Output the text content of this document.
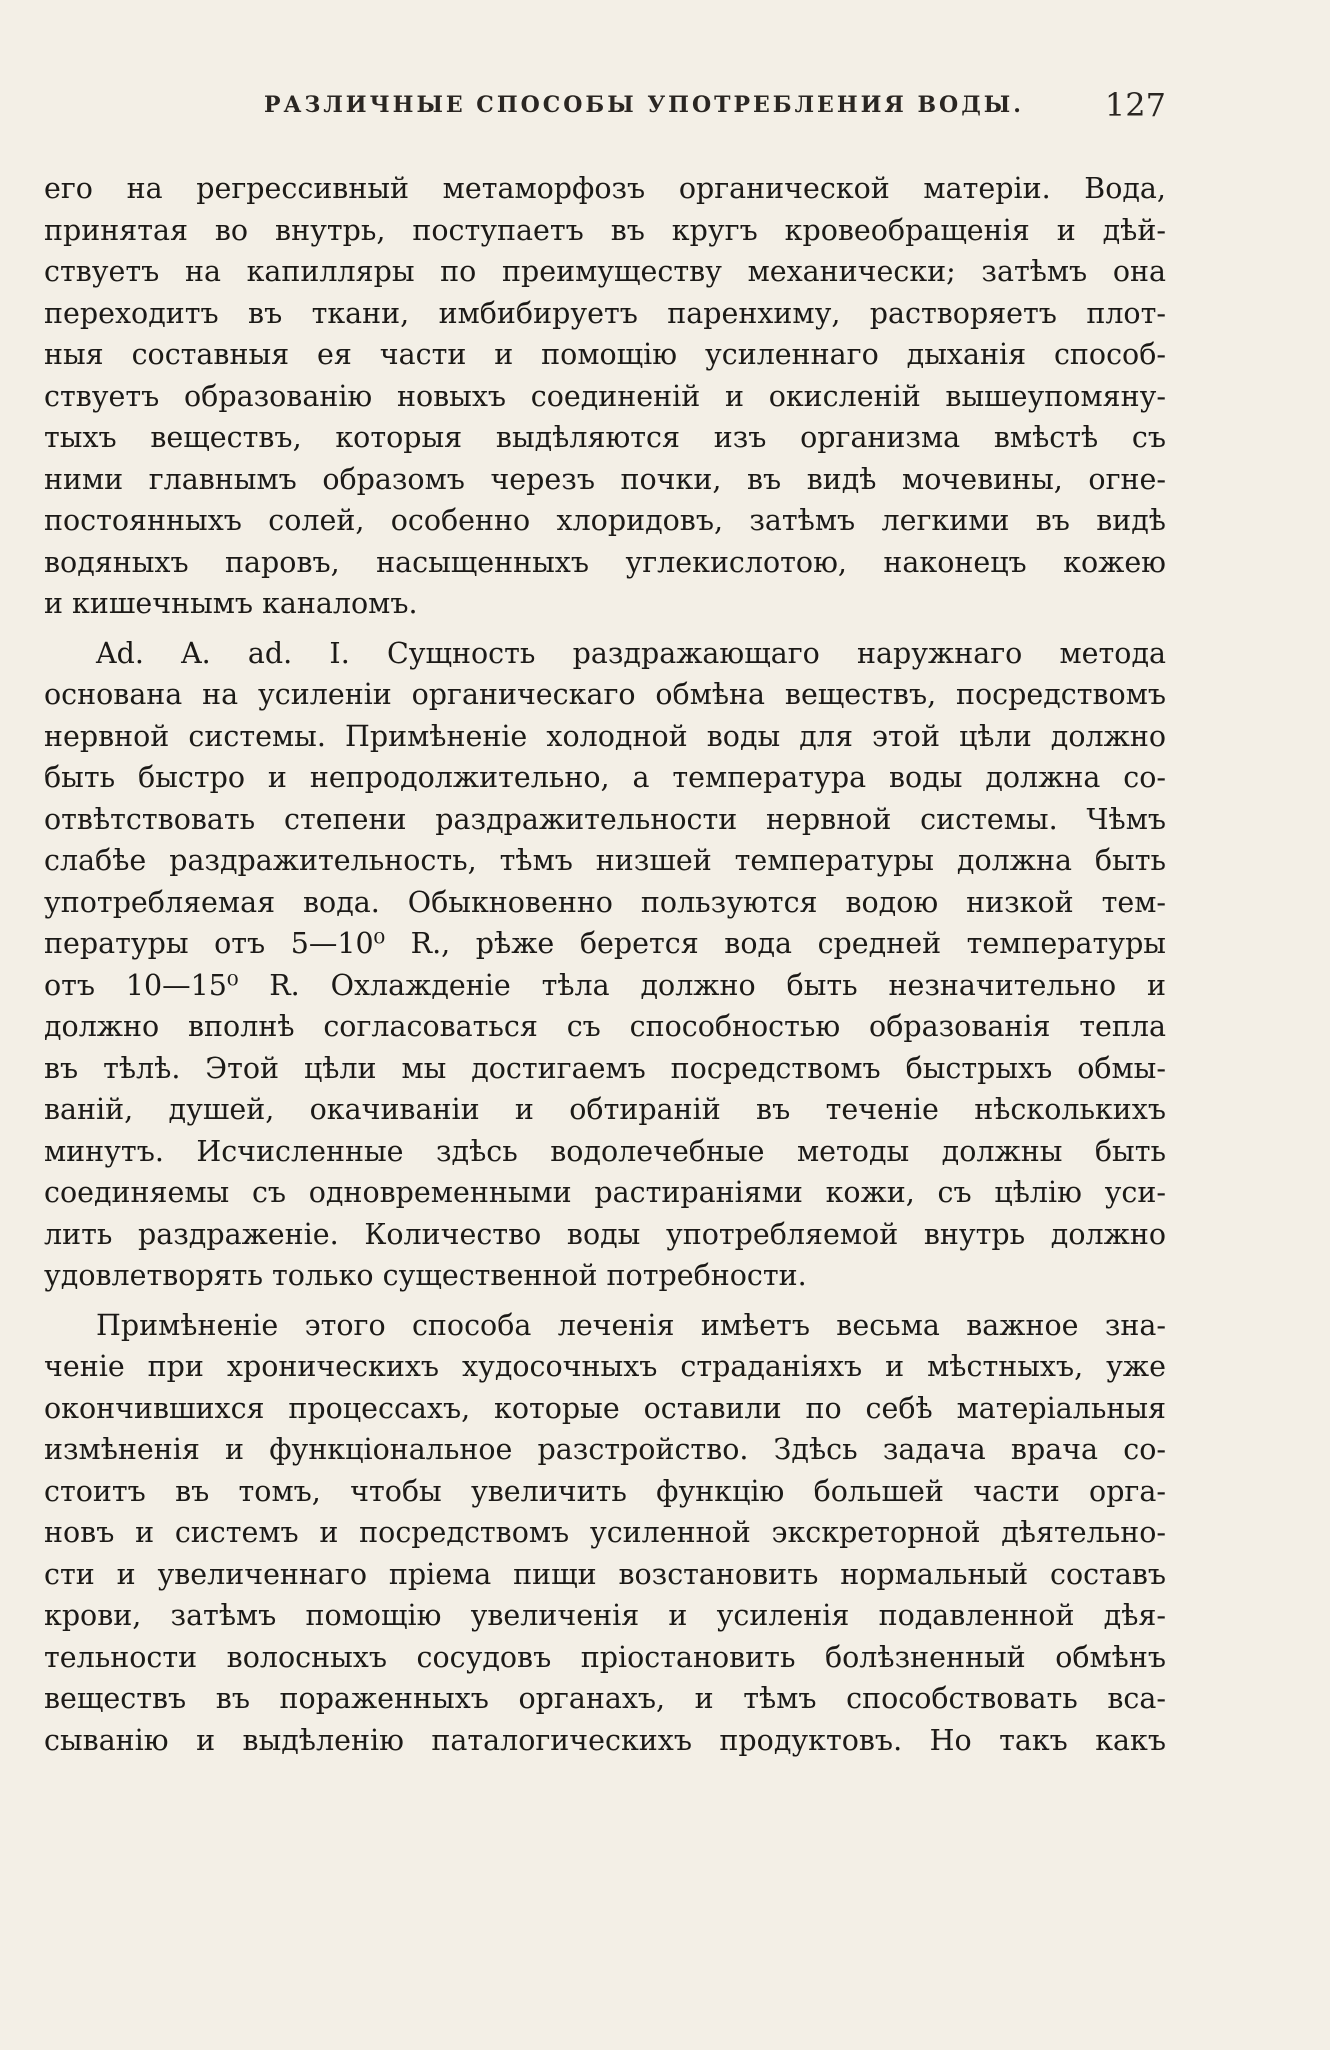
РАЗЛИЧНЫЕ СПОСОБЫ УПОТРЕБЛЕНИЯ ВОДЫ.	127

его на регрессивный метаморфозъ органической матеріи. Вода,
принятая во внутрь, поступаетъ въ кругъ кровеобращенія и дѣй-
ствуетъ на капилляры по преимуществу механически; затѣмъ она
переходитъ въ ткани, имбибируетъ паренхиму, растворяетъ плот-
ныя составныя ея части и помощію усиленнаго дыханія способ-
ствуетъ образованію новыхъ соединеній и окисленій вышеупомяну-
тыхъ веществъ, которыя выдѣляются изъ организма вмѣстѣ съ
ними главнымъ образомъ черезъ почки, въ видѣ мочевины, огне-
постоянныхъ солей, особенно хлоридовъ, затѣмъ легкими въ видѣ
водяныхъ паровъ, насыщенныхъ углекислотою, наконецъ кожею
и кишечнымъ каналомъ.

Ad. A. ad. I. Сущность раздражающаго наружнаго метода
основана на усиленіи органическаго обмѣна веществъ, посредствомъ
нервной системы. Примѣненіе холодной воды для этой цѣли должно
быть быстро и непродолжительно, а температура воды должна со-
отвѣтствовать степени раздражительности нервной системы. Чѣмъ
слабѣе раздражительность, тѣмъ низшей температуры должна быть
употребляемая вода. Обыкновенно пользуются водою низкой тем-
пературы отъ 5—10⁰ R., рѣже берется вода средней температуры
отъ 10—15⁰ R. Охлажденіе тѣла должно быть незначительно и
должно вполнѣ согласоваться съ способностью образованія тепла
въ тѣлѣ. Этой цѣли мы достигаемъ посредствомъ быстрыхъ обмы-
ваній, душей, окачиваніи и обтираній въ теченіе нѣсколькихъ
минутъ. Исчисленные здѣсь водолечебные методы должны быть
соединяемы съ одновременными растираніями кожи, съ цѣлію уси-
лить раздраженіе. Количество воды употребляемой внутрь должно
удовлетворять только существенной потребности.

Примѣненіе этого способа леченія имѣетъ весьма важное зна-
ченіе при хроническихъ худосочныхъ страданіяхъ и мѣстныхъ, уже
окончившихся процессахъ, которые оставили по себѣ матеріальныя
измѣненія и функціональное разстройство. Здѣсь задача врача со-
стоитъ въ томъ, чтобы увеличить функцію большей части орга-
новъ и системъ и посредствомъ усиленной экскреторной дѣятельно-
сти и увеличеннаго пріема пищи возстановить нормальный составъ
крови, затѣмъ помощію увеличенія и усиленія подавленной дѣя-
тельности волосныхъ сосудовъ пріостановить болѣзненный обмѣнъ
веществъ въ пораженныхъ органахъ, и тѣмъ способствовать вса-
сыванію и выдѣленію паталогическихъ продуктовъ. Но такъ какъ
